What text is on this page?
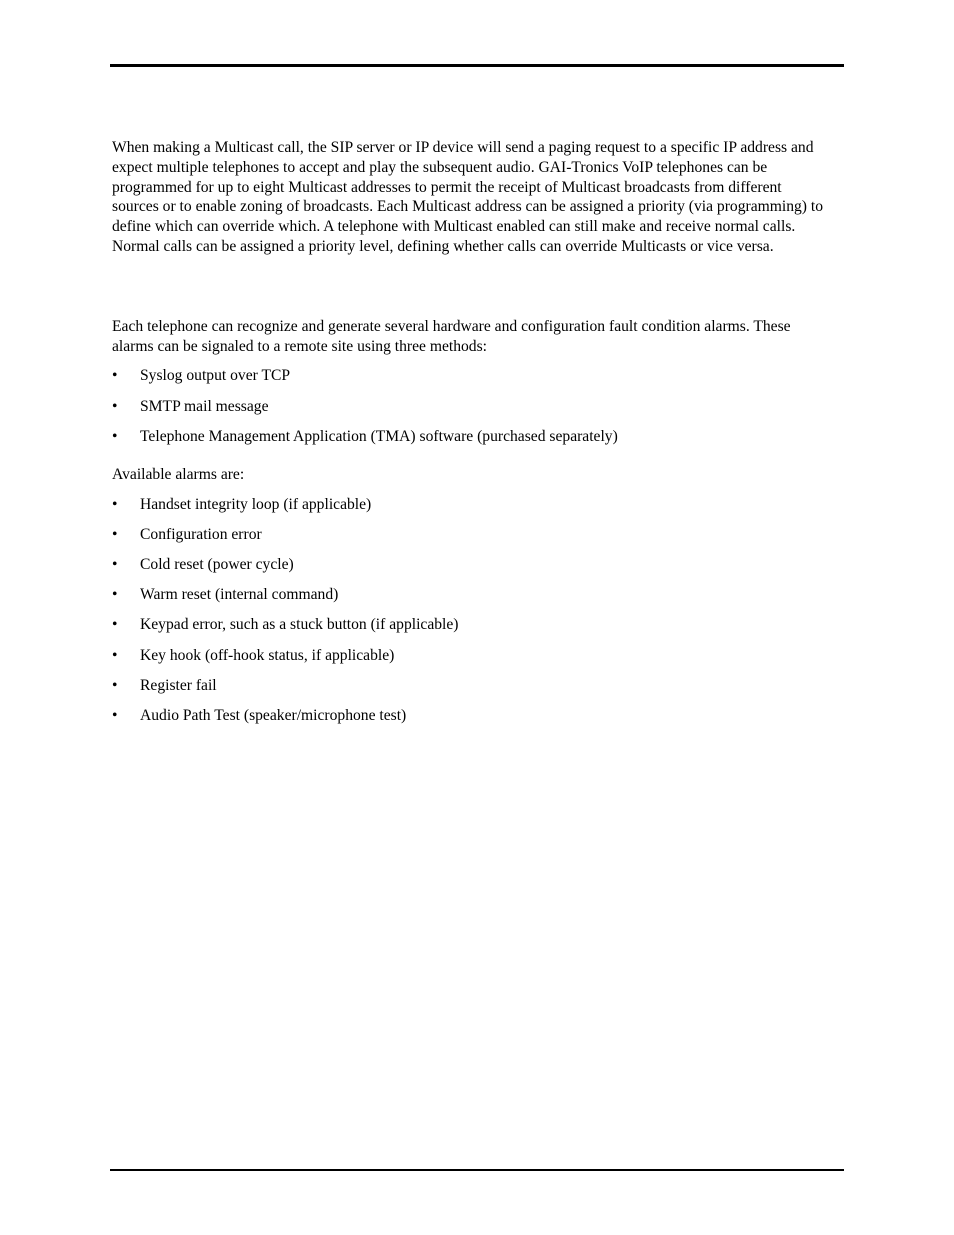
When making a Multicast call, the SIP server or IP device will send a paging request to a specific IP address and expect multiple telephones to accept and play the subsequent audio. GAI-Tronics VoIP telephones can be programmed for up to eight Multicast addresses to permit the receipt of Multicast broadcasts from different sources or to enable zoning of broadcasts. Each Multicast address can be assigned a priority (via programming) to define which can override which. A telephone with Multicast enabled can still make and receive normal calls. Normal calls can be assigned a priority level, defining whether calls can override Multicasts or vice versa.

Each telephone can recognize and generate several hardware and configuration fault condition alarms. These alarms can be signaled to a remote site using three methods:

• Syslog output over TCP
• SMTP mail message
• Telephone Management Application (TMA) software (purchased separately)

Available alarms are:

• Handset integrity loop (if applicable)
• Configuration error
• Cold reset (power cycle)
• Warm reset (internal command)
• Keypad error, such as a stuck button (if applicable)
• Key hook (off-hook status, if applicable)
• Register fail
• Audio Path Test (speaker/microphone test)
